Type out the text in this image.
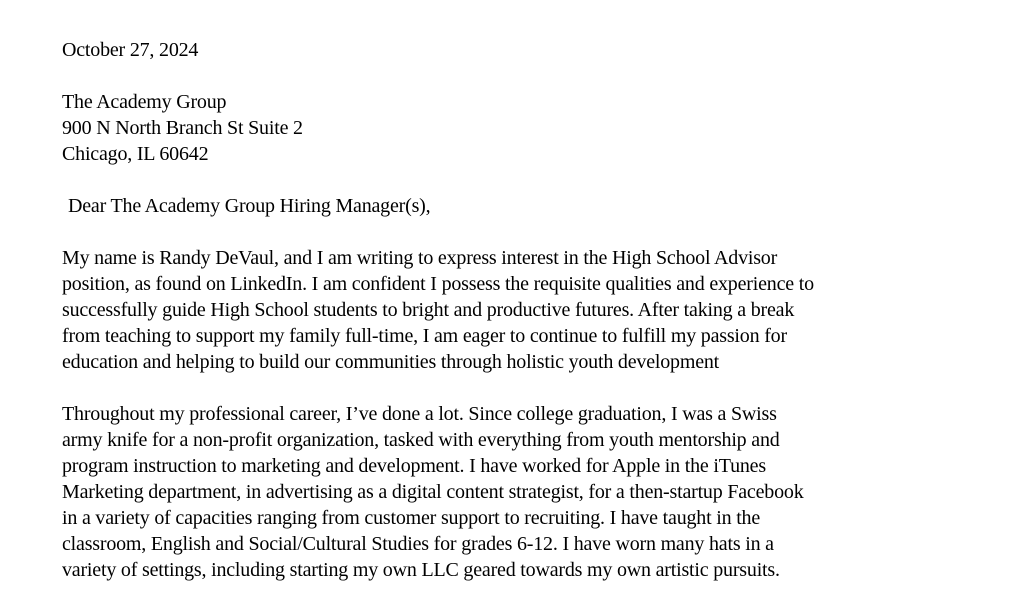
October 27, 2024
The Academy Group
900 N North Branch St Suite 2
Chicago, IL 60642
Dear The Academy Group Hiring Manager(s),
My name is Randy DeVaul, and I am writing to express interest in the High School Advisor
position, as found on LinkedIn. I am confident I possess the requisite qualities and experience to
successfully guide High School students to bright and productive futures. After taking a break
from teaching to support my family full-time, I am eager to continue to fulfill my passion for
education and helping to build our communities through holistic youth development
Throughout my professional career, I’ve done a lot. Since college graduation, I was a Swiss
army knife for a non-profit organization, tasked with everything from youth mentorship and
program instruction to marketing and development. I have worked for Apple in the iTunes
Marketing department, in advertising as a digital content strategist, for a then-startup Facebook
in a variety of capacities ranging from customer support to recruiting. I have taught in the
classroom, English and Social/Cultural Studies for grades 6-12. I have worn many hats in a
variety of settings, including starting my own LLC geared towards my own artistic pursuits.
